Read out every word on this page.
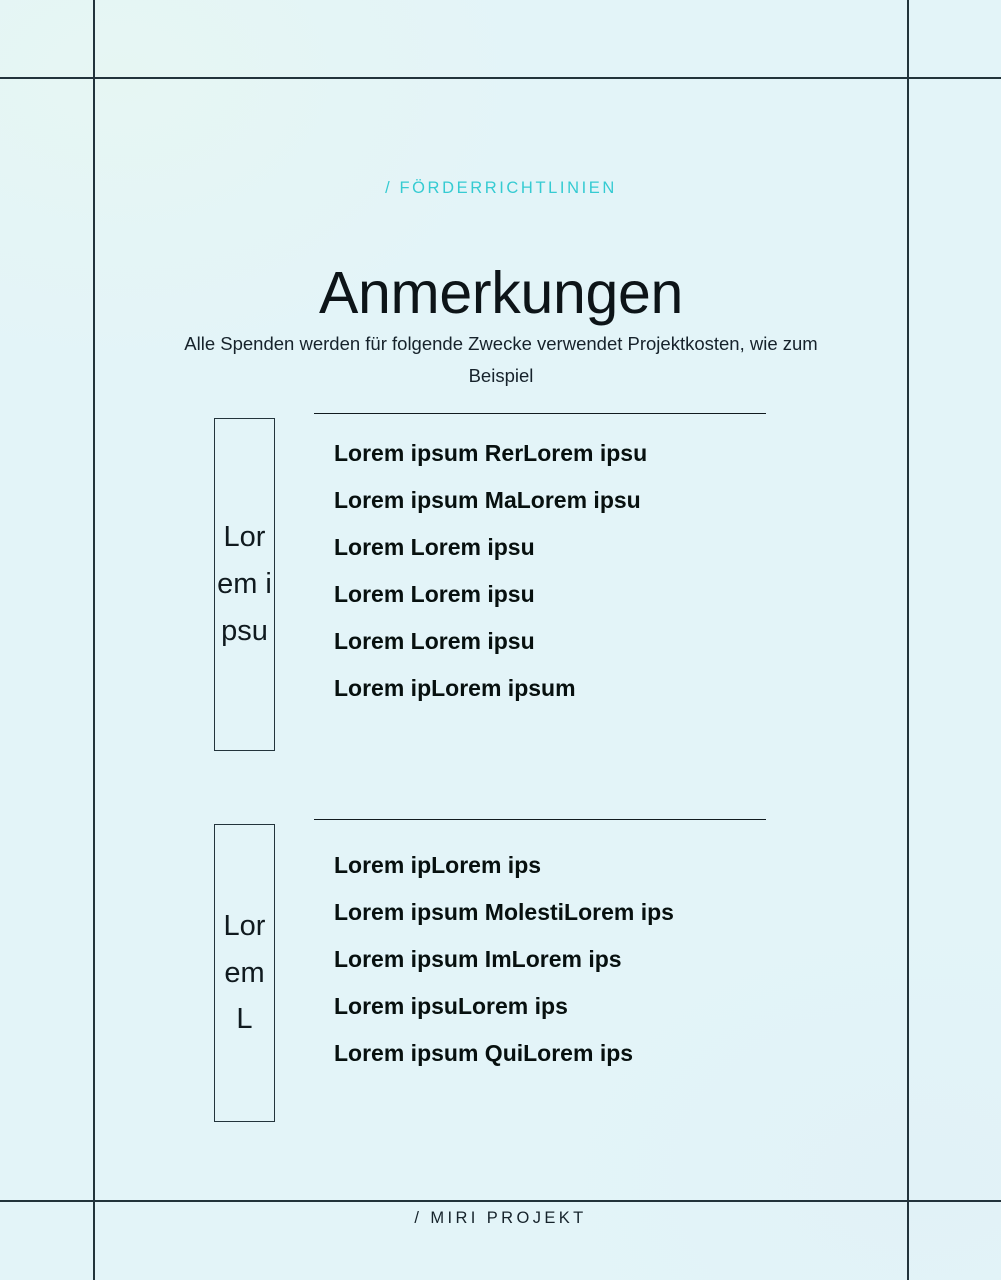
/ FÖRDERRICHTLINIEN
Anmerkungen

Alle Spenden werden für folgende Zwecke verwendet Projektkosten, wie zum Beispiel

Lorem ipsu
Lorem ipsum RerLorem ipsu
Lorem ipsum MaLorem ipsu
Lorem Lorem ipsu
Lorem Lorem ipsu
Lorem Lorem ipsu
Lorem ipLorem ipsum
Lorem L
Lorem ipLorem ips
Lorem ipsum MolestiLorem ips
Lorem ipsum ImLorem ips
Lorem ipsuLorem ips
Lorem ipsum QuiLorem ips
/ MIRI PROJEKT
